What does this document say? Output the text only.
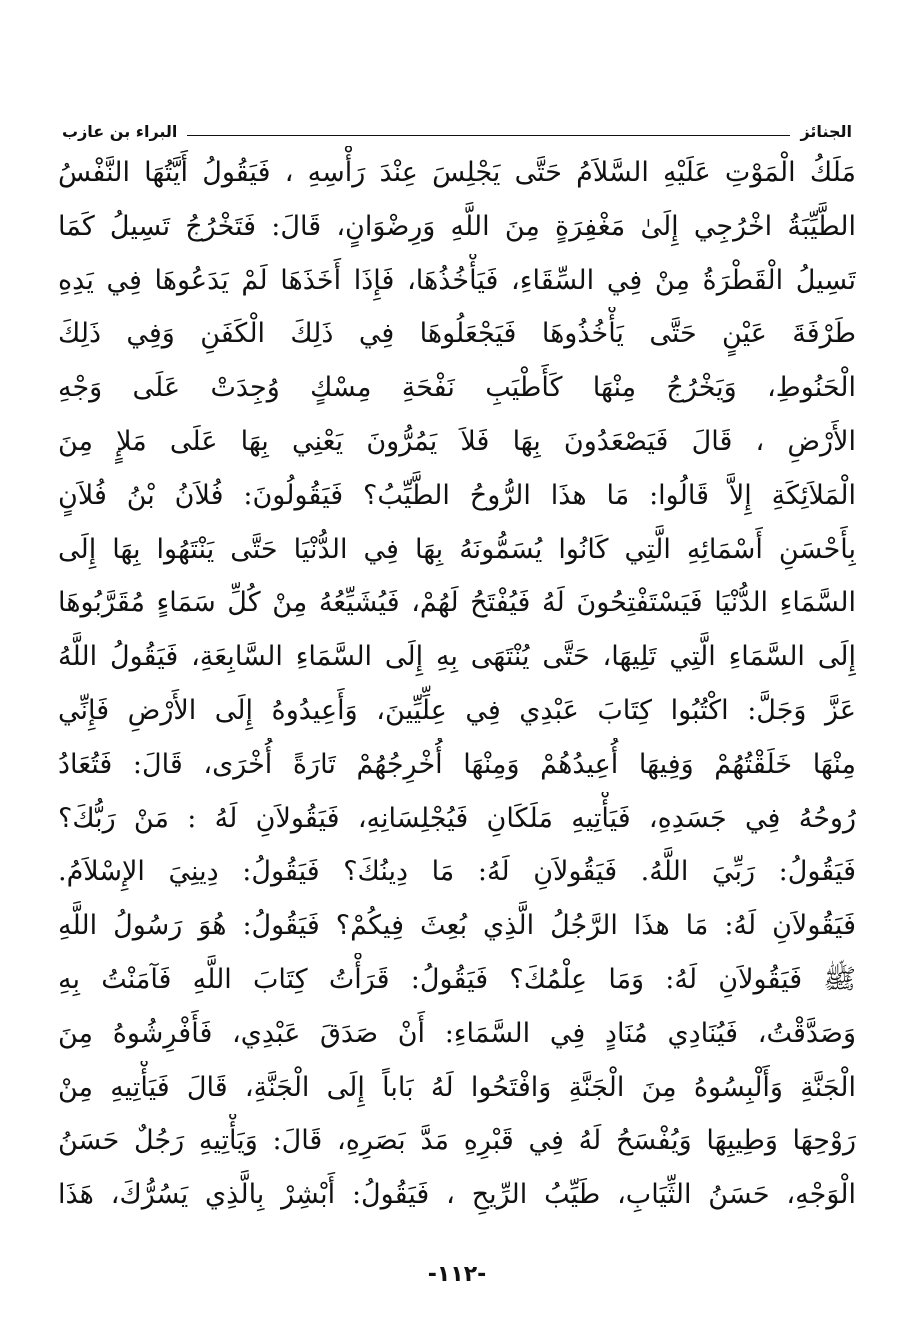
الجنائز
البراء بن عازب
مَلَكُ الْمَوْتِ عَلَيْهِ السَّلاَمُ حَتَّى يَجْلِسَ عِنْدَ رَأْسِهِ ، فَيَقُولُ أَيَّتُهَا النَّفْسُ
الطَّيِّبَةُ اخْرُجِي إِلَىٰ مَغْفِرَةٍ مِنَ اللَّهِ وَرِضْوَانٍ، قَالَ: فَتَخْرُجُ تَسِيلُ كَمَا
تَسِيلُ الْقَطْرَةُ مِنْ فِي السِّقَاءِ، فَيَأْخُذُهَا، فَإِذَا أَخَذَهَا لَمْ يَدَعُوهَا فِي يَدِهِ
طَرْفَةَ عَيْنٍ حَتَّى يَأْخُذُوهَا فَيَجْعَلُوهَا فِي ذَلِكَ الْكَفَنِ وَفِي ذَلِكَ
الْحَنُوطِ، وَيَخْرُجُ مِنْهَا كَأَطْيَبِ نَفْحَةِ مِسْكٍ وُجِدَتْ عَلَى وَجْهِ
الأَرْضِ ، قَالَ فَيَصْعَدُونَ بِهَا فَلاَ يَمُرُّونَ يَعْنِي بِهَا عَلَى مَلإٍ مِنَ
الْمَلاَئِكَةِ إِلاَّ قَالُوا: مَا هذَا الرُّوحُ الطَّيِّبُ؟ فَيَقُولُونَ: فُلاَنُ بْنُ فُلاَنٍ
بِأَحْسَنِ أَسْمَائِهِ الَّتِي كَانُوا يُسَمُّونَهُ بِهَا فِي الدُّنْيَا حَتَّى يَنْتَهُوا بِهَا إِلَى
السَّمَاءِ الدُّنْيَا فَيَسْتَفْتِحُونَ لَهُ فَيُفْتَحُ لَهُمْ، فَيُشَيِّعُهُ مِنْ كُلِّ سَمَاءٍ مُقَرَّبُوهَا
إِلَى السَّمَاءِ الَّتِي تَلِيهَا، حَتَّى يُنْتَهَى بِهِ إِلَى السَّمَاءِ السَّابِعَةِ، فَيَقُولُ اللَّهُ
عَزَّ وَجَلَّ: اكْتُبُوا كِتَابَ عَبْدِي فِي عِلِّيِّينَ، وَأَعِيدُوهُ إِلَى الأَرْضِ فَإِنِّي
مِنْهَا خَلَقْتُهُمْ وَفِيهَا أُعِيدُهُمْ وَمِنْهَا أُخْرِجُهُمْ تَارَةً أُخْرَى، قَالَ: فَتُعَادُ
رُوحُهُ فِي جَسَدِهِ، فَيَأْتِيهِ مَلَكَانِ فَيُجْلِسَانِهِ، فَيَقُولاَنِ لَهُ : مَنْ رَبُّكَ؟
فَيَقُولُ: رَبِّيَ اللَّهُ. فَيَقُولاَنِ لَهُ: مَا دِينُكَ؟ فَيَقُولُ: دِينِيَ الإِسْلاَمُ.
فَيَقُولاَنِ لَهُ: مَا هذَا الرَّجُلُ الَّذِي بُعِثَ فِيكُمْ؟ فَيَقُولُ: هُوَ رَسُولُ اللَّهِ
ﷺ فَيَقُولاَنِ لَهُ: وَمَا عِلْمُكَ؟ فَيَقُولُ: قَرَأْتُ كِتَابَ اللَّهِ فَآمَنْتُ بِهِ
وَصَدَّقْتُ، فَيُنَادِي مُنَادٍ فِي السَّمَاءِ: أَنْ صَدَقَ عَبْدِي، فَأَفْرِشُوهُ مِنَ
الْجَنَّةِ وَأَلْبِسُوهُ مِنَ الْجَنَّةِ وَافْتَحُوا لَهُ بَاباً إِلَى الْجَنَّةِ، قَالَ فَيَأْتِيهِ مِنْ
رَوْحِهَا وَطِيبِهَا وَيُفْسَحُ لَهُ فِي قَبْرِهِ مَدَّ بَصَرِهِ، قَالَ: وَيَأْتِيهِ رَجُلٌ حَسَنُ
الْوَجْهِ، حَسَنُ الثِّيَابِ، طَيِّبُ الرِّيحِ ، فَيَقُولُ: أَبْشِرْ بِالَّذِي يَسُرُّكَ، هَذَا
-١١٢-
